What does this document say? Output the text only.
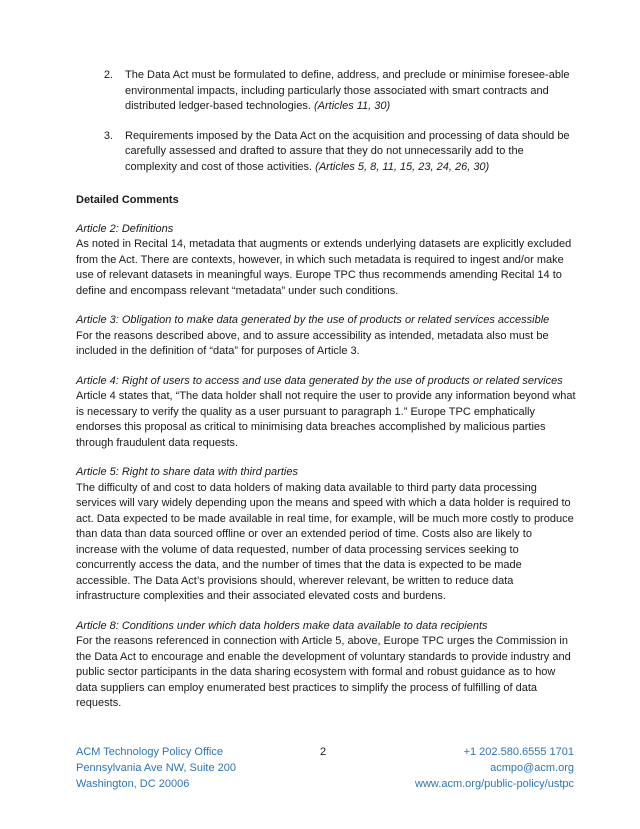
2.	The Data Act must be formulated to define, address, and preclude or minimise foresee-able environmental impacts, including particularly those associated with smart contracts and distributed ledger-based technologies. (Articles 11, 30)
3.	Requirements imposed by the Data Act on the acquisition and processing of data should be carefully assessed and drafted to assure that they do not unnecessarily add to the complexity and cost of those activities. (Articles 5, 8, 11, 15, 23, 24, 26, 30)
Detailed Comments
Article 2: Definitions
As noted in Recital 14, metadata that augments or extends underlying datasets are explicitly excluded from the Act. There are contexts, however, in which such metadata is required to ingest and/or make use of relevant datasets in meaningful ways. Europe TPC thus recommends amending Recital 14 to define and encompass relevant “metadata” under such conditions.
Article 3: Obligation to make data generated by the use of products or related services accessible
For the reasons described above, and to assure accessibility as intended, metadata also must be included in the definition of “data” for purposes of Article 3.
Article 4: Right of users to access and use data generated by the use of products or related services
Article 4 states that, “The data holder shall not require the user to provide any information beyond what is necessary to verify the quality as a user pursuant to paragraph 1.” Europe TPC emphatically endorses this proposal as critical to minimising data breaches accomplished by malicious parties through fraudulent data requests.
Article 5: Right to share data with third parties
The difficulty of and cost to data holders of making data available to third party data processing services will vary widely depending upon the means and speed with which a data holder is required to act. Data expected to be made available in real time, for example, will be much more costly to produce than data than data sourced offline or over an extended period of time. Costs also are likely to increase with the volume of data requested, number of data processing services seeking to concurrently access the data, and the number of times that the data is expected to be made accessible. The Data Act’s provisions should, wherever relevant, be written to reduce data infrastructure complexities and their associated elevated costs and burdens.
Article 8: Conditions under which data holders make data available to data recipients
For the reasons referenced in connection with Article 5, above, Europe TPC urges the Commission in the Data Act to encourage and enable the development of voluntary standards to provide industry and public sector participants in the data sharing ecosystem with formal and robust guidance as to how data suppliers can employ enumerated best practices to simplify the process of fulfilling of data requests.
ACM Technology Policy Office
Pennsylvania Ave NW, Suite 200
Washington, DC 20006
2	+1 202.580.6555 1701
acmpo@acm.org
www.acm.org/public-policy/ustpc
